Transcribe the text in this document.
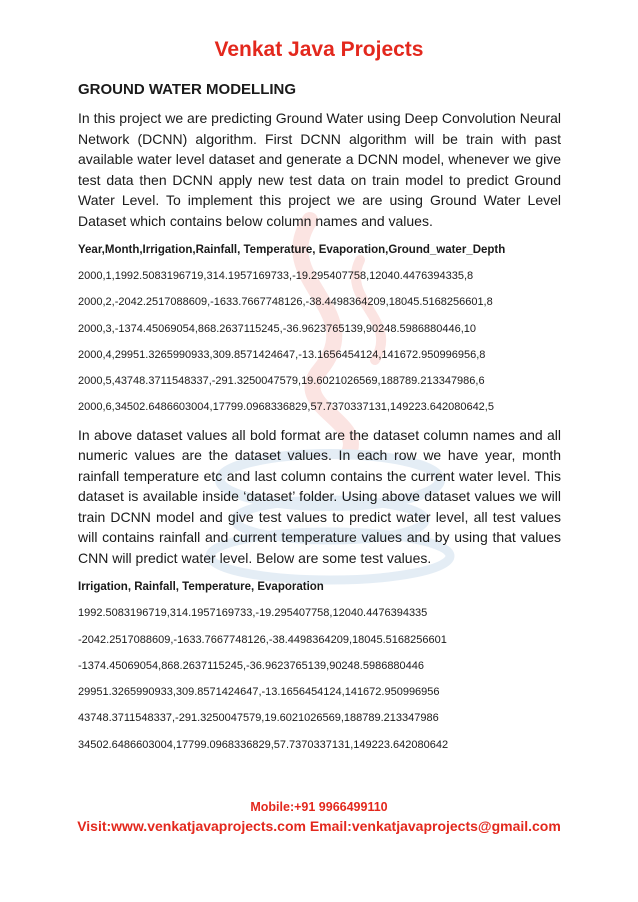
Venkat Java Projects
GROUND WATER MODELLING

In this project we are predicting Ground Water using Deep Convolution Neural Network (DCNN) algorithm. First DCNN algorithm will be train with past available water level dataset and generate a DCNN model, whenever we give test data then DCNN apply new test data on train model to predict Ground Water Level. To implement this project we are using Ground Water Level Dataset which contains below column names and values.

Year,Month,Irrigation,Rainfall, Temperature, Evaporation,Ground_water_Depth

2000,1,1992.5083196719,314.1957169733,-19.295407758,12040.4476394335,8

2000,2,-2042.2517088609,-1633.7667748126,-38.4498364209,18045.5168256601,8

2000,3,-1374.45069054,868.2637115245,-36.9623765139,90248.5986880446,10

2000,4,29951.3265990933,309.8571424647,-13.1656454124,141672.950996956,8

2000,5,43748.3711548337,-291.3250047579,19.6021026569,188789.213347986,6

2000,6,34502.6486603004,17799.0968336829,57.7370337131,149223.642080642,5

In above dataset values all bold format are the dataset column names and all numeric values are the dataset values. In each row we have year, month rainfall temperature etc and last column contains the current water level. This dataset is available inside ‘dataset’ folder. Using above dataset values we will train DCNN model and give test values to predict water level, all test values will contains rainfall and current temperature values and by using that values CNN will predict water level. Below are some test values.

Irrigation, Rainfall, Temperature, Evaporation

1992.5083196719,314.1957169733,-19.295407758,12040.4476394335

-2042.2517088609,-1633.7667748126,-38.4498364209,18045.5168256601

-1374.45069054,868.2637115245,-36.9623765139,90248.5986880446

29951.3265990933,309.8571424647,-13.1656454124,141672.950996956

43748.3711548337,-291.3250047579,19.6021026569,188789.213347986

34502.6486603004,17799.0968336829,57.7370337131,149223.642080642

Mobile:+91 9966499110
Visit:www.venkatjavaprojects.com Email:venkatjavaprojects@gmail.com
